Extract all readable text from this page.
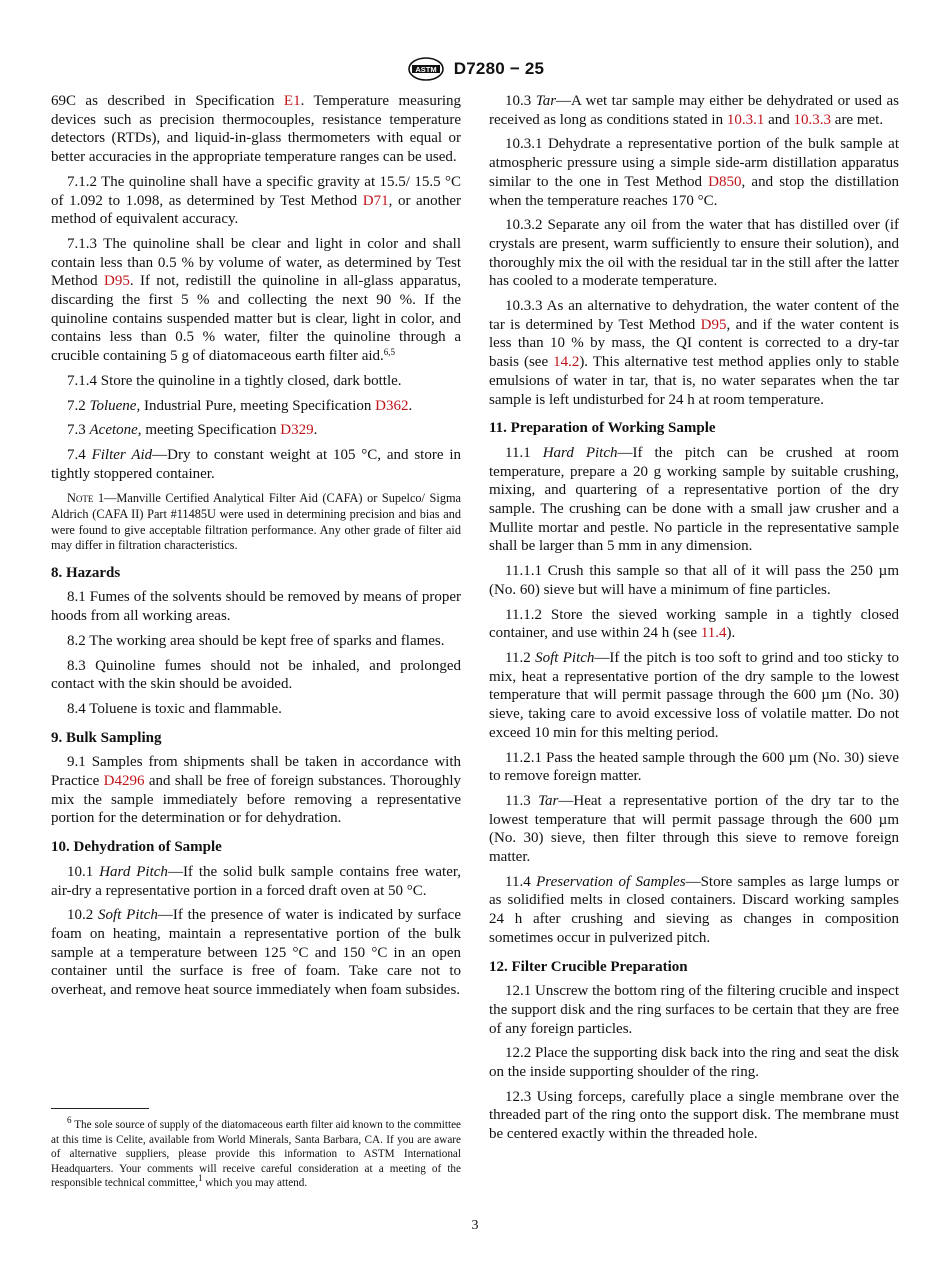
ASTM D7280 − 25

69C as described in Specification E1. Temperature measuring devices such as precision thermocouples, resistance temperature detectors (RTDs), and liquid-in-glass thermometers with equal or better accuracies in the appropriate temperature ranges can be used.

7.1.2 The quinoline shall have a specific gravity at 15.5/ 15.5 °C of 1.092 to 1.098, as determined by Test Method D71, or another method of equivalent accuracy.

7.1.3 The quinoline shall be clear and light in color and shall contain less than 0.5 % by volume of water, as determined by Test Method D95. If not, redistill the quinoline in all-glass apparatus, discarding the first 5 % and collecting the next 90 %. If the quinoline contains suspended matter but is clear, light in color, and contains less than 0.5 % water, filter the quinoline through a crucible containing 5 g of diatomaceous earth filter aid.$^{6,5}$

7.1.4 Store the quinoline in a tightly closed, dark bottle.

7.2 Toluene, Industrial Pure, meeting Specification D362.

7.3 Acetone, meeting Specification D329.

7.4 Filter Aid—Dry to constant weight at 105 °C, and store in tightly stoppered container.

Note 1—Manville Certified Analytical Filter Aid (CAFA) or Supelco/ Sigma Aldrich (CAFA II) Part #11485U were used in determining precision and bias and were found to give acceptable filtration performance. Any other grade of filter aid may differ in filtration characteristics.

8. Hazards

8.1 Fumes of the solvents should be removed by means of proper hoods from all working areas.

8.2 The working area should be kept free of sparks and flames.

8.3 Quinoline fumes should not be inhaled, and prolonged contact with the skin should be avoided.

8.4 Toluene is toxic and flammable.

9. Bulk Sampling

9.1 Samples from shipments shall be taken in accordance with Practice D4296 and shall be free of foreign substances. Thoroughly mix the sample immediately before removing a representative portion for the determination or for dehydration.

10. Dehydration of Sample

10.1 Hard Pitch—If the solid bulk sample contains free water, air-dry a representative portion in a forced draft oven at 50 °C.

10.2 Soft Pitch—If the presence of water is indicated by surface foam on heating, maintain a representative portion of the bulk sample at a temperature between 125 °C and 150 °C in an open container until the surface is free of foam. Take care not to overheat, and remove heat source immediately when foam subsides.

$^6$ The sole source of supply of the diatomaceous earth filter aid known to the committee at this time is Celite, available from World Minerals, Santa Barbara, CA. If you are aware of alternative suppliers, please provide this information to ASTM International Headquarters. Your comments will receive careful consideration at a meeting of the responsible technical committee,$^1$ which you may attend.

10.3 Tar—A wet tar sample may either be dehydrated or used as received as long as conditions stated in 10.3.1 and 10.3.3 are met.

10.3.1 Dehydrate a representative portion of the bulk sample at atmospheric pressure using a simple side-arm distillation apparatus similar to the one in Test Method D850, and stop the distillation when the temperature reaches 170 °C.

10.3.2 Separate any oil from the water that has distilled over (if crystals are present, warm sufficiently to ensure their solution), and thoroughly mix the oil with the residual tar in the still after the latter has cooled to a moderate temperature.

10.3.3 As an alternative to dehydration, the water content of the tar is determined by Test Method D95, and if the water content is less than 10 % by mass, the QI content is corrected to a dry-tar basis (see 14.2). This alternative test method applies only to stable emulsions of water in tar, that is, no water separates when the tar sample is left undisturbed for 24 h at room temperature.

11. Preparation of Working Sample

11.1 Hard Pitch—If the pitch can be crushed at room temperature, prepare a 20 g working sample by suitable crushing, mixing, and quartering of a representative portion of the dry sample. The crushing can be done with a small jaw crusher and a Mullite mortar and pestle. No particle in the representative sample shall be larger than 5 mm in any dimension.

11.1.1 Crush this sample so that all of it will pass the 250 µm (No. 60) sieve but will have a minimum of fine particles.

11.1.2 Store the sieved working sample in a tightly closed container, and use within 24 h (see 11.4).

11.2 Soft Pitch—If the pitch is too soft to grind and too sticky to mix, heat a representative portion of the dry sample to the lowest temperature that will permit passage through the 600 µm (No. 30) sieve, taking care to avoid excessive loss of volatile matter. Do not exceed 10 min for this melting period.

11.2.1 Pass the heated sample through the 600 µm (No. 30) sieve to remove foreign matter.

11.3 Tar—Heat a representative portion of the dry tar to the lowest temperature that will permit passage through the 600 µm (No. 30) sieve, then filter through this sieve to remove foreign matter.

11.4 Preservation of Samples—Store samples as large lumps or as solidified melts in closed containers. Discard working samples 24 h after crushing and sieving as changes in composition sometimes occur in pulverized pitch.

12. Filter Crucible Preparation

12.1 Unscrew the bottom ring of the filtering crucible and inspect the support disk and the ring surfaces to be certain that they are free of any foreign particles.

12.2 Place the supporting disk back into the ring and seat the disk on the inside supporting shoulder of the ring.

12.3 Using forceps, carefully place a single membrane over the threaded part of the ring onto the support disk. The membrane must be centered exactly within the threaded hole.

3
